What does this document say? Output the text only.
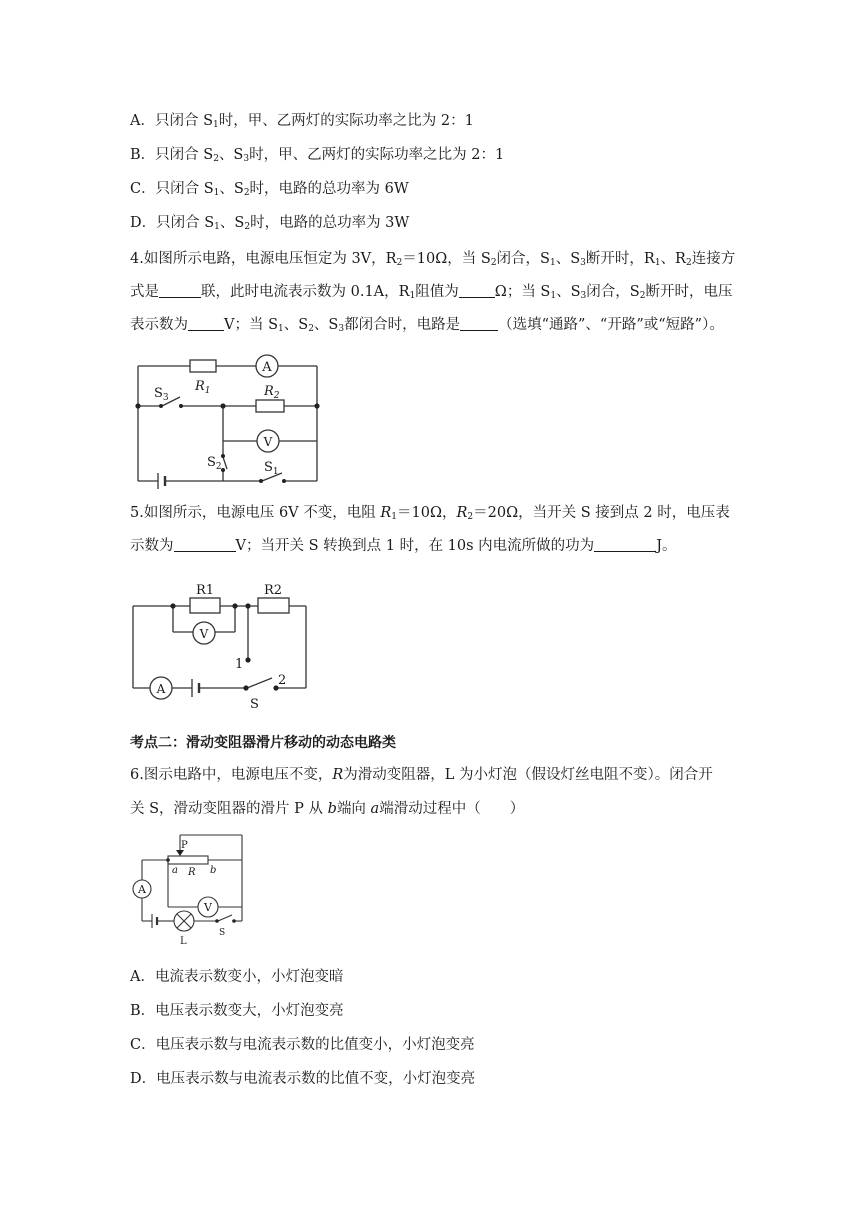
A．只闭合 $S_1$时，甲、乙两灯的实际功率之比为 2：1
B．只闭合 $S_2$、$S_3$时，甲、乙两灯的实际功率之比为 2：1
C．只闭合 $S_1$、$S_2$时，电路的总功率为 6W
D．只闭合 $S_1$、$S_2$时，电路的总功率为 3W
4.如图所示电路，电源电压恒定为 3V，$R_2=10\Omega$，当 $S_2$闭合，$S_1$、$S_3$断开时，$R_1$、$R_2$连接方
式是	联，此时电流表示数为 0.1A，$R_1$阻值为 Ω；当 $S_1$、$S_3$闭合，$S_2$断开时，电压
表示数为 V；当 $S_1$、$S_2$、$S_3$都闭合时，电路是	（选填“通路”、“开路”或“短路”）。
A
V
$R_1$	$R_2$
$S_3$
$S_2$	$S_1$
5.如图所示，电源电压 6V 不变，电阻 $R_1=10\Omega$，$R_2=20\Omega$，当开关 S 接到点 2 时，电压表
示数为	V；当开关 S 转换到点 1 时，在 10s 内电流所做的功为	J。
R1	R2
V
A
1
2
S
考点二：滑动变阻器滑片移动的动态电路类
6.图示电路中，电源电压不变，R为滑动变阻器，L 为小灯泡（假设灯丝电阻不变）。闭合开
关 S，滑动变阻器的滑片 P 从 b端向 a端滑动过程中（　　）
A
V
P
a R b
L
S
A．电流表示数变小，小灯泡变暗
B．电压表示数变大，小灯泡变亮
C．电压表示数与电流表示数的比值变小，小灯泡变亮
D．电压表示数与电流表示数的比值不变，小灯泡变亮
